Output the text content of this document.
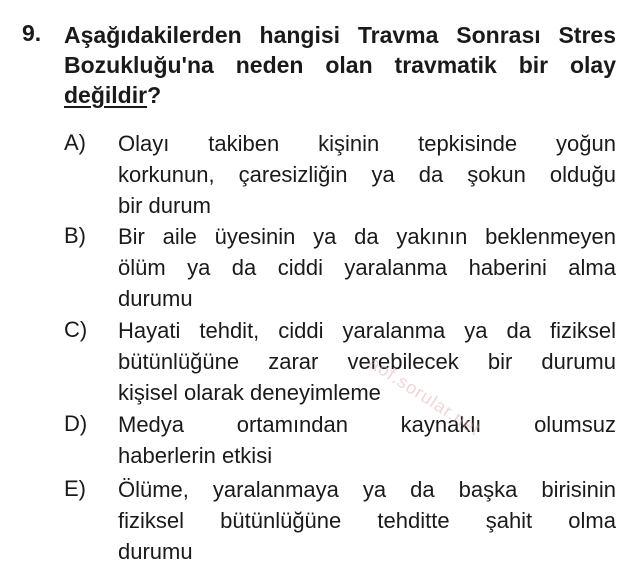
9. Aşağıdakilerden hangisi Travma Sonrası Stres Bozukluğu'na neden olan travmatik bir olay değildir?
A) Olayı takiben kişinin tepkisinde yoğun
korkunun, çaresizliğin ya da şokun olduğu
bir durum
B) Bir aile üyesinin ya da yakının beklenmeyen
ölüm ya da ciddi yaralanma haberini alma
durumu
C) Hayati tehdit, ciddi yaralanma ya da fiziksel
bütünlüğüne zarar verebilecek bir durumu
kişisel olarak deneyimleme
D) Medya ortamından kaynaklı olumsuz
haberlerin etkisi
E) Ölüme, yaralanmaya ya da başka birisinin
fiziksel bütünlüğüne tehditte şahit olma
durumu
aof.sorular.net
